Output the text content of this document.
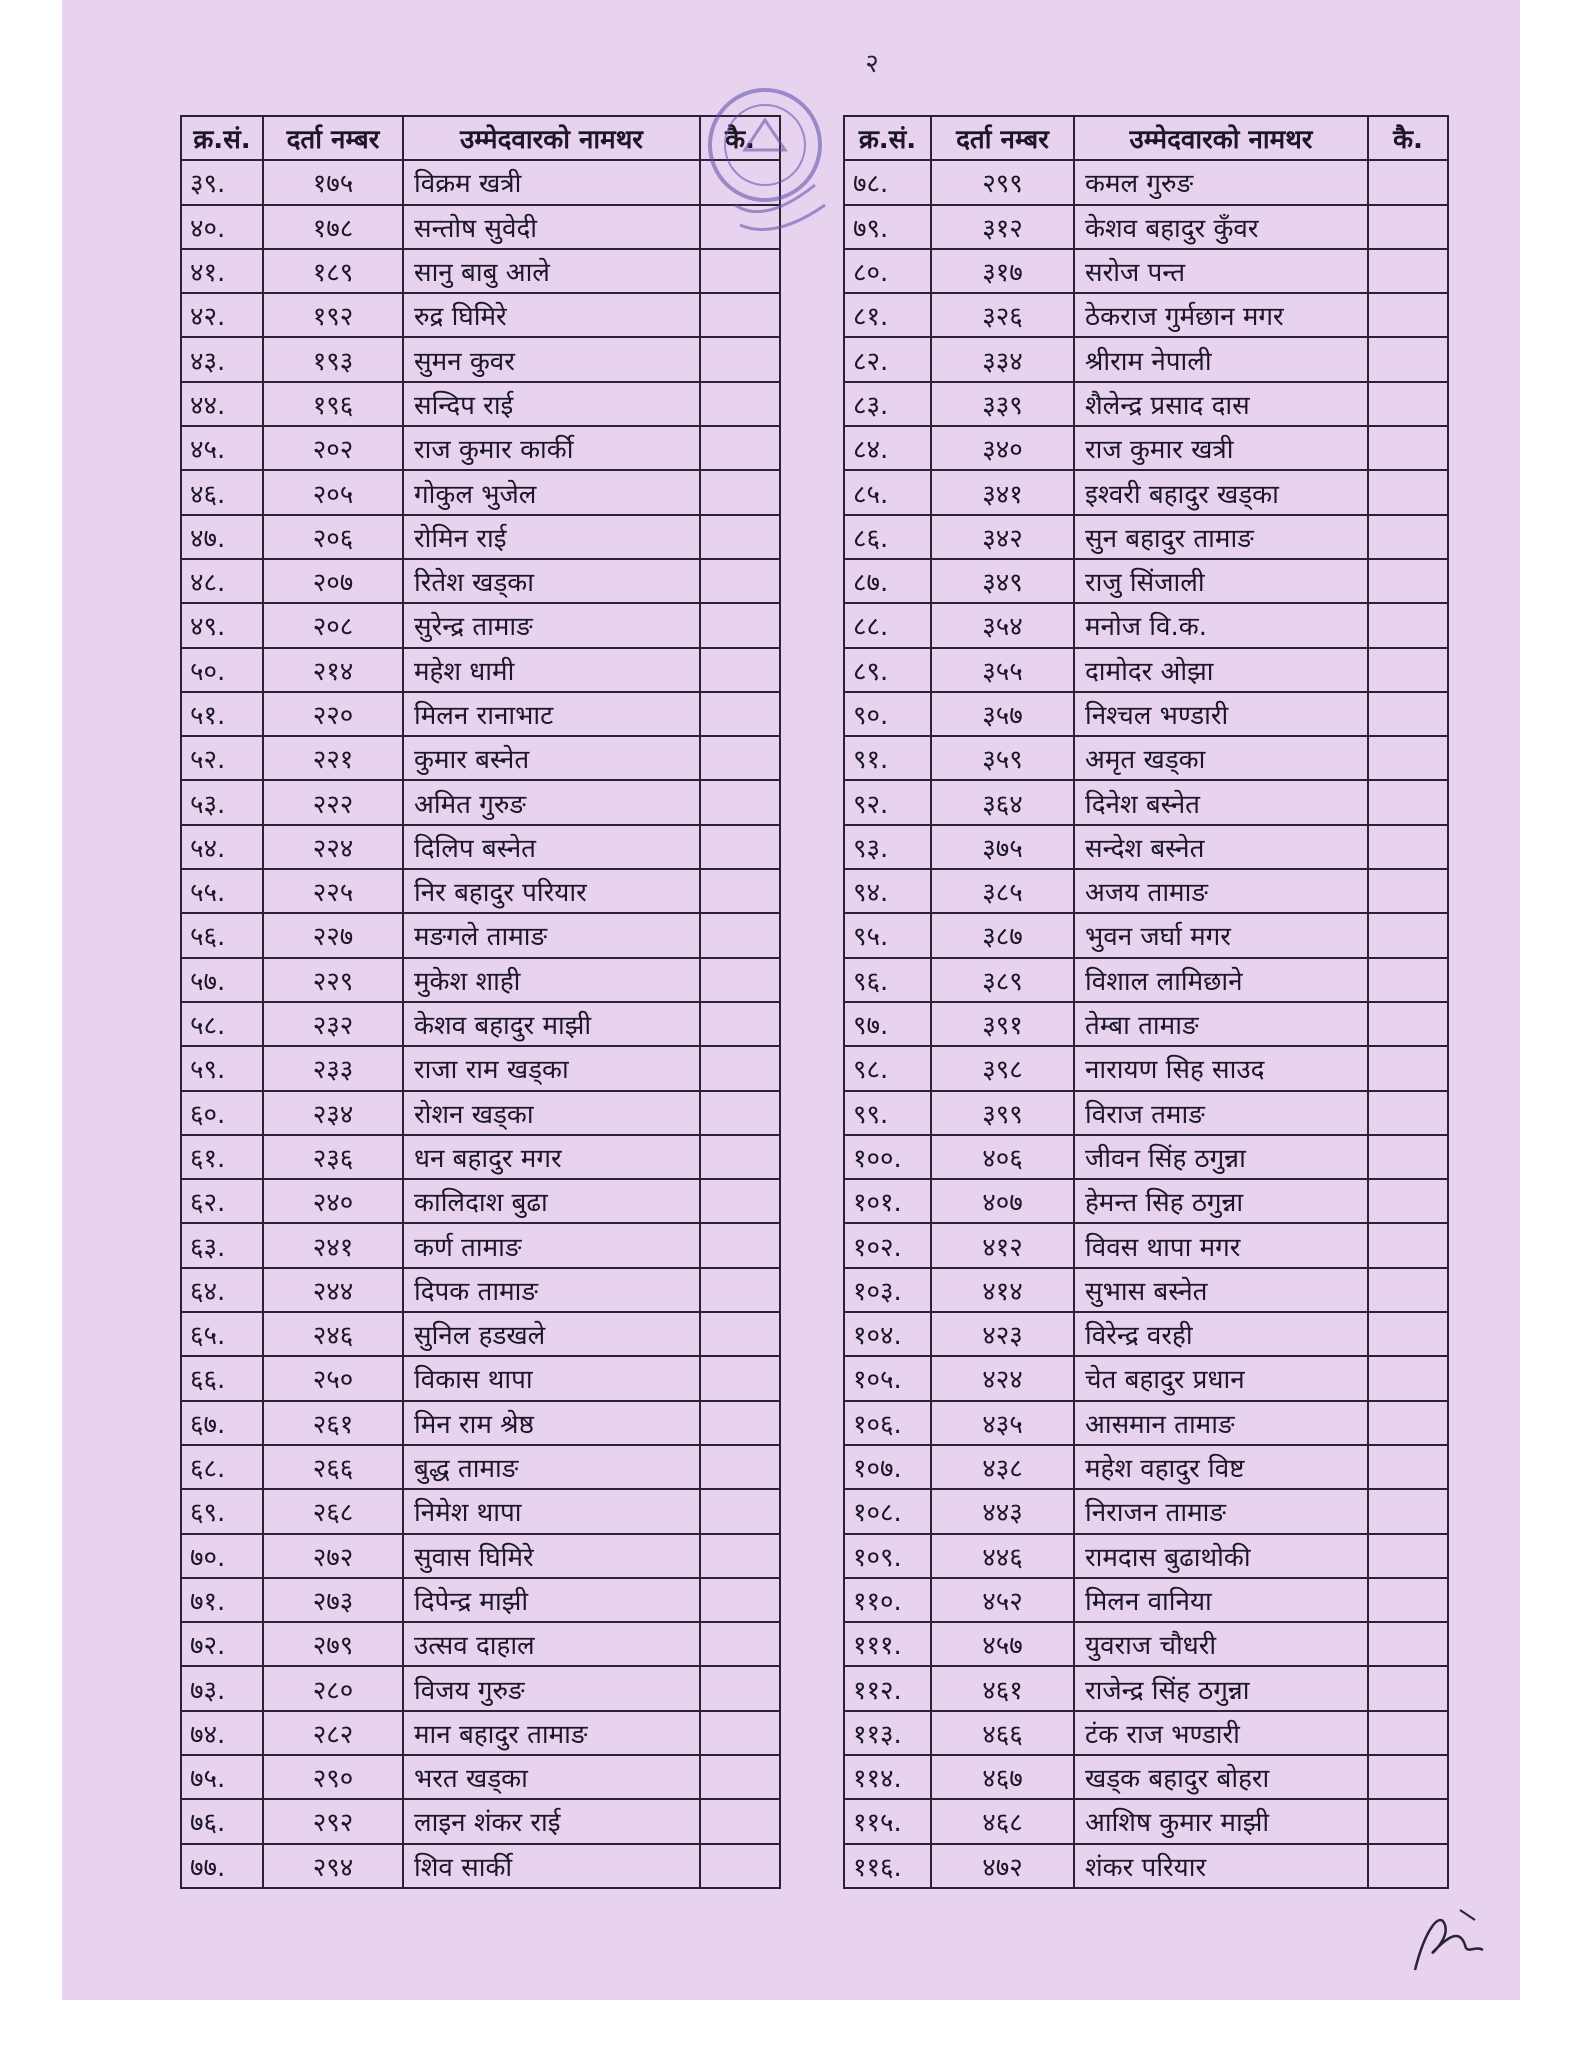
२
क्र.सं.	दर्ता नम्बर	उम्मेदवारको नामथर	कै.
३९.	१७५	विक्रम खत्री	
४०.	१७८	सन्तोष सुवेदी	
४१.	१८९	सानु बाबु आले	
४२.	१९२	रुद्र घिमिरे	
४३.	१९३	सुमन कुवर	
४४.	१९६	सन्दिप राई	
४५.	२०२	राज कुमार कार्की	
४६.	२०५	गोकुल भुजेल	
४७.	२०६	रोमिन राई	
४८.	२०७	रितेश खड्का	
४९.	२०८	सुरेन्द्र तामाङ	
५०.	२१४	महेश धामी	
५१.	२२०	मिलन रानाभाट	
५२.	२२१	कुमार बस्नेत	
५३.	२२२	अमित गुरुङ	
५४.	२२४	दिलिप बस्नेत	
५५.	२२५	निर बहादुर परियार	
५६.	२२७	मङगले तामाङ	
५७.	२२९	मुकेश शाही	
५८.	२३२	केशव बहादुर माझी	
५९.	२३३	राजा राम खड्का	
६०.	२३४	रोशन खड्का	
६१.	२३६	धन बहादुर मगर	
६२.	२४०	कालिदाश बुढा	
६३.	२४१	कर्ण तामाङ	
६४.	२४४	दिपक तामाङ	
६५.	२४६	सुनिल हडखले	
६६.	२५०	विकास थापा	
६७.	२६१	मिन राम श्रेष्ठ	
६८.	२६६	बुद्ध तामाङ	
६९.	२६८	निमेश थापा	
७०.	२७२	सुवास घिमिरे	
७१.	२७३	दिपेन्द्र माझी	
७२.	२७९	उत्सव दाहाल	
७३.	२८०	विजय गुरुङ	
७४.	२८२	मान बहादुर तामाङ	
७५.	२९०	भरत खड्का	
७६.	२९२	लाइन शंकर राई	
७७.	२९४	शिव सार्की	
क्र.सं.	दर्ता नम्बर	उम्मेदवारको नामथर	कै.
७८.	२९९	कमल गुरुङ	
७९.	३१२	केशव बहादुर कुँवर	
८०.	३१७	सरोज पन्त	
८१.	३२६	ठेकराज गुर्मछान मगर	
८२.	३३४	श्रीराम नेपाली	
८३.	३३९	शैलेन्द्र प्रसाद दास	
८४.	३४०	राज कुमार खत्री	
८५.	३४१	इश्वरी बहादुर खड्का	
८६.	३४२	सुन बहादुर तामाङ	
८७.	३४९	राजु सिंजाली	
८८.	३५४	मनोज वि.क.	
८९.	३५५	दामोदर ओझा	
९०.	३५७	निश्चल भण्डारी	
९१.	३५९	अमृत खड्का	
९२.	३६४	दिनेश बस्नेत	
९३.	३७५	सन्देश बस्नेत	
९४.	३८५	अजय तामाङ	
९५.	३८७	भुवन जर्घा मगर	
९६.	३८९	विशाल लामिछाने	
९७.	३९१	तेम्बा तामाङ	
९८.	३९८	नारायण सिह साउद	
९९.	३९९	विराज तमाङ	
१००.	४०६	जीवन सिंह ठगुन्ना	
१०१.	४०७	हेमन्त सिह ठगुन्ना	
१०२.	४१२	विवस थापा मगर	
१०३.	४१४	सुभास बस्नेत	
१०४.	४२३	विरेन्द्र वरही	
१०५.	४२४	चेत बहादुर प्रधान	
१०६.	४३५	आसमान तामाङ	
१०७.	४३८	महेश वहादुर विष्ट	
१०८.	४४३	निराजन तामाङ	
१०९.	४४६	रामदास बुढाथोकी	
११०.	४५२	मिलन वानिया	
१११.	४५७	युवराज चौधरी	
११२.	४६१	राजेन्द्र सिंह ठगुन्ना	
११३.	४६६	टंक राज भण्डारी	
११४.	४६७	खड्क बहादुर बोहरा	
११५.	४६८	आशिष कुमार माझी	
११६.	४७२	शंकर परियार	
